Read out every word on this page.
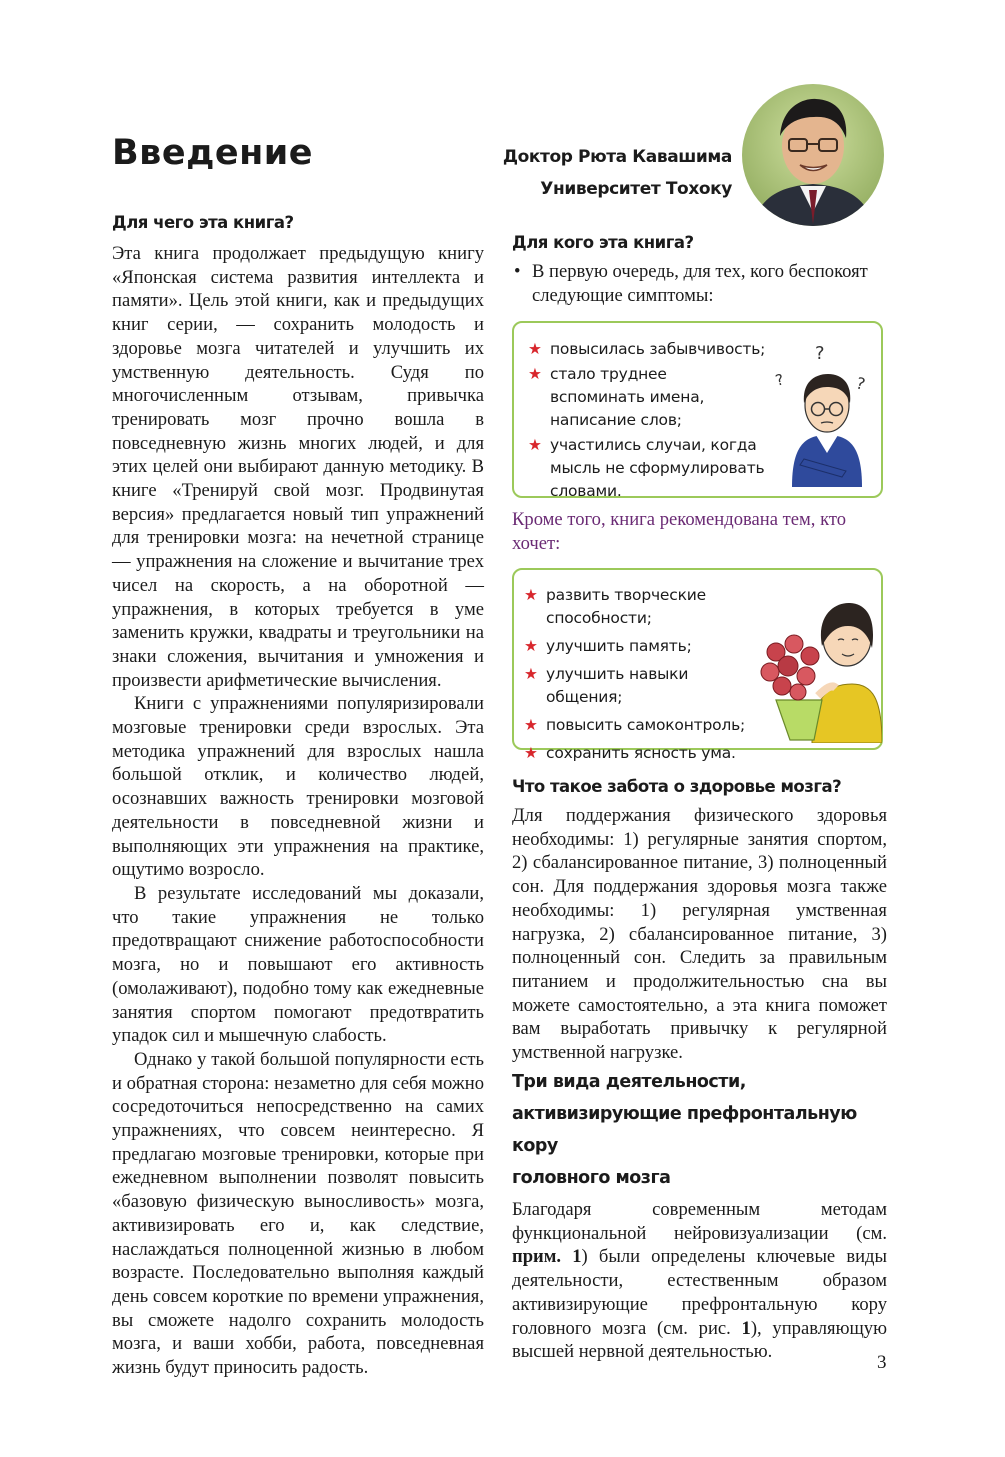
Введение	Доктор Рюта Кавашима
Университет Тохоку
Для чего эта книга?

Эта книга продолжает предыдущую книгу «Японская система развития интеллекта и памяти». Цель этой книги, как и предыдущих книг серии, — сохранить молодость и здоровье мозга читателей и улучшить их умственную деятельность. Судя по многочисленным отзывам, привычка тренировать мозг прочно вошла в повседневную жизнь многих людей, и для этих целей они выбирают данную методику. В книге «Тренируй свой мозг. Продвинутая версия» предлагается новый тип упражнений для тренировки мозга: на нечетной странице — упражнения на сложение и вычитание трех чисел на скорость, а на оборотной — упражнения, в которых требуется в уме заменить кружки, квадраты и треугольники на знаки сложения, вычитания и умножения и произвести арифметические вычисления.

Книги с упражнениями популяризировали мозговые тренировки среди взрослых. Эта методика упражнений для взрослых нашла большой отклик, и количество людей, осознавших важность тренировки мозговой деятельности в повседневной жизни и выполняющих эти упражнения на практике, ощутимо возросло.

В результате исследований мы доказали, что такие упражнения не только предотвращают снижение работоспособности мозга, но и повышают его активность (омолаживают), подобно тому как ежедневные занятия спортом помогают предотвратить упадок сил и мышечную слабость.

Однако у такой большой популярности есть и обратная сторона: незаметно для себя можно сосредоточиться непосредственно на самих упражнениях, что совсем неинтересно. Я предлагаю мозговые тренировки, которые при ежедневном выполнении позволят повысить «базовую физическую выносливость» мозга, активизировать его и, как следствие, наслаждаться полноценной жизнью в любом возрасте. Последовательно выполняя каждый день совсем короткие по времени упражнения, вы сможете надолго сохранить молодость мозга, и ваши хобби, работа, повседневная жизнь будут приносить радость.

Для кого эта книга?
• В первую очередь, для тех, кого беспокоят следующие симптомы:
★ повысилась забывчивость;
★ стало труднее вспоминать имена, написание слов;
★ участились случаи, когда мысль не сформулировать словами.
?
?	?

Кроме того, книга рекомендована тем, кто хочет:

★ развить творческие способности;
★ улучшить память;
★ улучшить навыки общения;
★ повысить самоконтроль;
★ сохранить ясность ума.
Что такое забота о здоровье мозга?

Для поддержания физического здоровья необходимы: 1) регулярные занятия спортом, 2) сбалансированное питание, 3) полноценный сон. Для поддержания здоровья мозга также необходимы: 1) регулярная умственная нагрузка, 2) сбалансированное питание, 3) полноценный сон. Следить за правильным питанием и продолжительностью сна вы можете самостоятельно, а эта книга поможет вам выработать привычку к регулярной умственной нагрузке.

Три вида деятельности,
активизирующие префронтальную кору
головного мозга

Благодаря современным методам функциональной нейровизуализации (см. прим. 1) были определены ключевые виды деятельности, естественным образом активизирующие префронтальную кору головного мозга (см. рис. 1), управляющую высшей нервной деятельностью.

3
